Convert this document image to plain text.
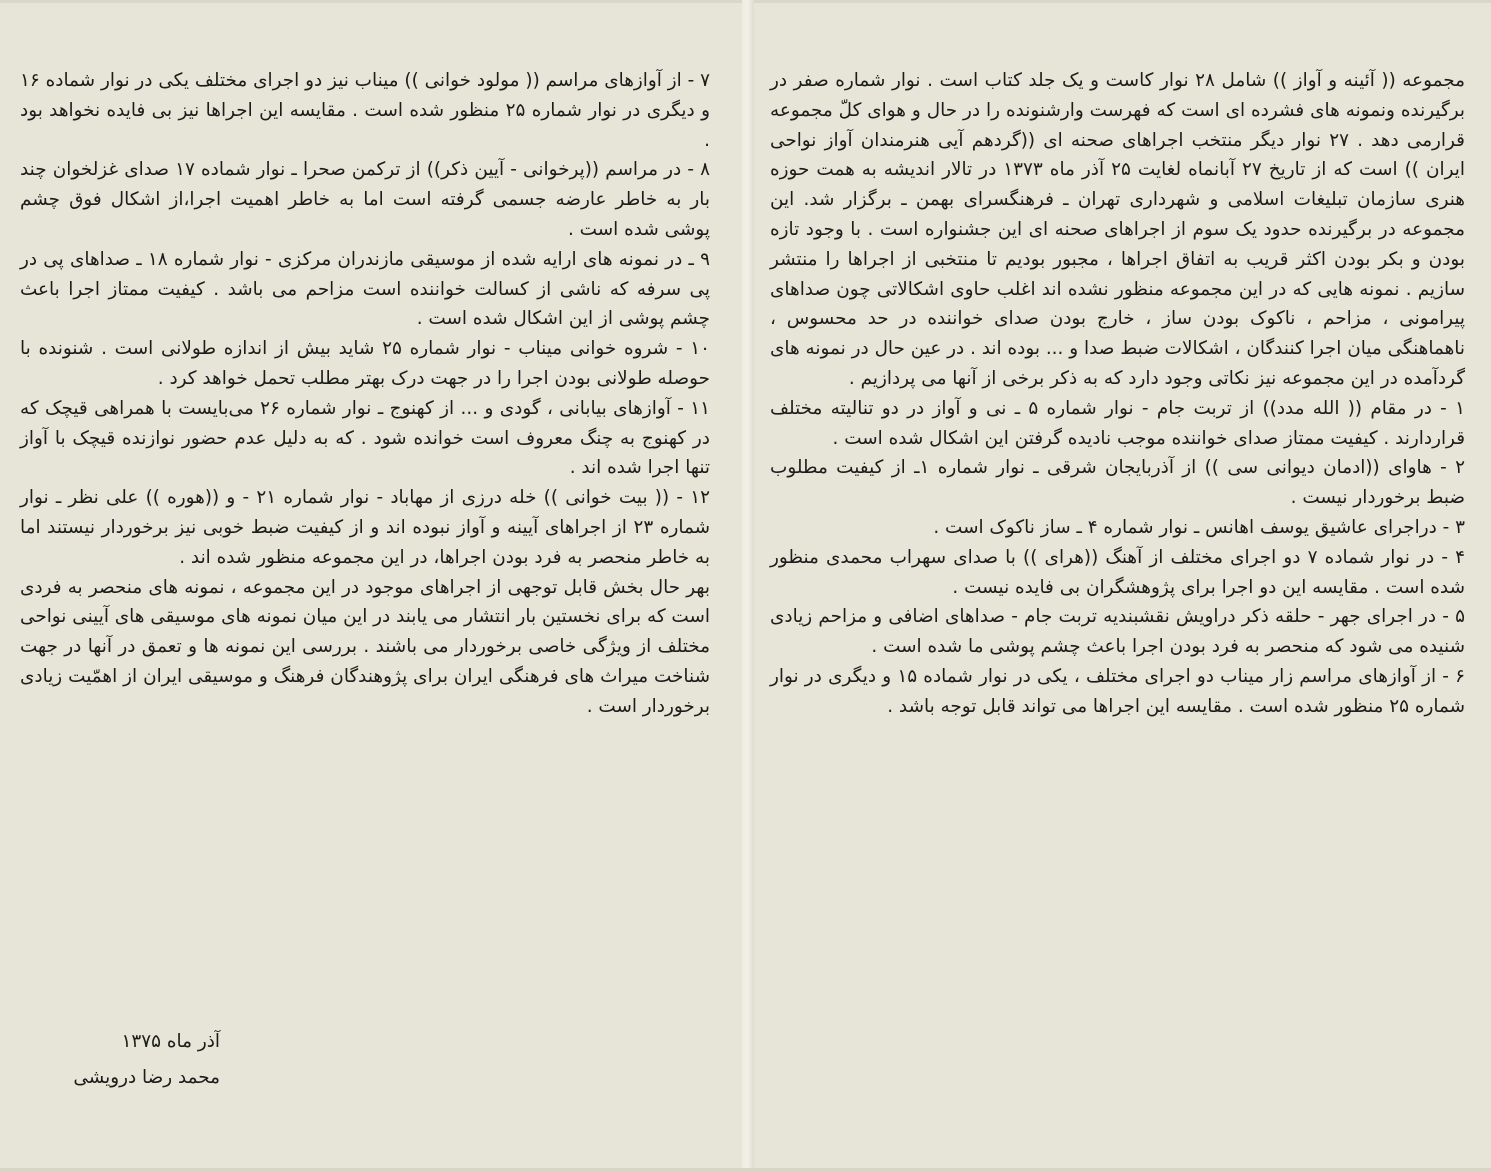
مجموعه (( آئینه و آواز )) شامل ۲۸ نوار کاست و یک جلد کتاب است . نوار شماره صفر در برگیرنده ونمونه های فشرده ای است که فهرست وارشنونده را در حال و هوای کلّ مجموعه قرارمی دهد . ۲۷ نوار دیگر منتخب اجراهای صحنه ای ((گردهم آیی هنرمندان آواز نواحی ایران )) است که از تاریخ ۲۷ آبانماه لغایت ۲۵ آذر ماه ۱۳۷۳ در تالار اندیشه به همت حوزه هنری سازمان تبلیغات اسلامی و شهرداری تهران ـ فرهنگسرای بهمن ـ برگزار شد. این مجموعه در برگیرنده حدود یک سوم از اجراهای صحنه ای این جشنواره است . با وجود تازه بودن و بکر بودن اکثر قریب به اتفاق اجراها ، مجبور بودیم تا منتخبی از اجراها را منتشر سازیم . نمونه هایی که در این مجموعه منظور نشده اند اغلب حاوی اشکالاتی چون صداهای پیرامونی ، مزاحم ، ناکوک بودن ساز ، خارج بودن صدای خواننده در حد محسوس ، ناهماهنگی میان اجرا کنندگان ، اشکالات ضبط صدا و ... بوده اند . در عین حال در نمونه های گردآمده در این مجموعه نیز نکاتی وجود دارد که به ذکر برخی از آنها می پردازیم .

۱ - در مقام (( الله مدد)) از تربت جام - نوار شماره ۵ ـ نی و آواز در دو تنالیته مختلف قراردارند . کیفیت ممتاز صدای خواننده موجب نادیده گرفتن این اشکال شده است .

۲ - هاوای ((ادمان دیوانی سی )) از آذربایجان شرقی ـ نوار شماره ۱ـ از کیفیت مطلوب ضبط برخوردار نیست .

۳ - دراجرای عاشیق یوسف اهانس ـ نوار شماره ۴ ـ ساز ناکوک است .

۴ - در نوار شماده ۷ دو اجرای مختلف از آهنگ ((هرای )) با صدای سهراب محمدی منظور شده است . مقایسه این دو اجرا برای پژوهشگران بی فایده نیست .

۵ - در اجرای جهر - حلقه ذکر دراویش نقشبندیه تربت جام - صداهای اضافی و مزاحم زیادی شنیده می شود که منحصر به فرد بودن اجرا باعث چشم پوشی ما شده است .

۶ - از آوازهای مراسم زار میناب دو اجرای مختلف ، یکی در نوار شماده ۱۵ و دیگری در نوار شماره ۲۵ منظور شده است . مقایسه این اجراها می تواند قابل توجه باشد .

۷ - از آوازهای مراسم (( مولود خوانی )) میناب نیز دو اجرای مختلف یکی در نوار شماده ۱۶ و دیگری در نوار شماره ۲۵ منظور شده است . مقایسه این اجراها نیز بی فایده نخواهد بود .

۸ - در مراسم ((پرخوانی - آیین ذکر)) از ترکمن صحرا ـ نوار شماده ۱۷ صدای غزلخوان چند بار به خاطر عارضه جسمی گرفته است اما به خاطر اهمیت اجرا،از اشکال فوق چشم پوشی شده است .

۹ ـ در نمونه های ارایه شده از موسیقی مازندران مرکزی - نوار شماره ۱۸ ـ صداهای پی در پی سرفه که ناشی از کسالت خواننده است مزاحم می باشد . کیفیت ممتاز اجرا باعث چشم پوشی از این اشکال شده است .

۱۰ - شروه خوانی میناب - نوار شماره ۲۵ شاید بیش از اندازه طولانی است . شنونده با حوصله طولانی بودن اجرا را در جهت درک بهتر مطلب تحمل خواهد کرد .

۱۱ - آوازهای بیابانی ، گودی و ... از کهنوج ـ نوار شماره ۲۶ می‌بایست با همراهی قیچک که در کهنوج به چنگ معروف است خوانده شود . که به دلیل عدم حضور نوازنده قیچک با آواز تنها اجرا شده اند .

۱۲ - (( بیت خوانی )) خله درزی از مهاباد - نوار شماره ۲۱ - و ((هوره )) علی نظر ـ نوار شماره ۲۳ از اجراهای آیینه و آواز نبوده اند و از کیفیت ضبط خوبی نیز برخوردار نیستند اما به خاطر منحصر به فرد بودن اجراها، در این مجموعه منظور شده اند .

بهر حال بخش قابل توجهی از اجراهای موجود در این مجموعه ، نمونه های منحصر به فردی است که برای نخستین بار انتشار می یابند در این میان نمونه های موسیقی های آیینی نواحی مختلف از ویژگی خاصی برخوردار می باشند . بررسی این نمونه ها و تعمق در آنها در جهت شناخت میراث های فرهنگی ایران برای پژوهندگان فرهنگ و موسیقی ایران از اهمّیت زیادی برخوردار است .

آذر ماه ۱۳۷۵

محمد رضا درویشی
